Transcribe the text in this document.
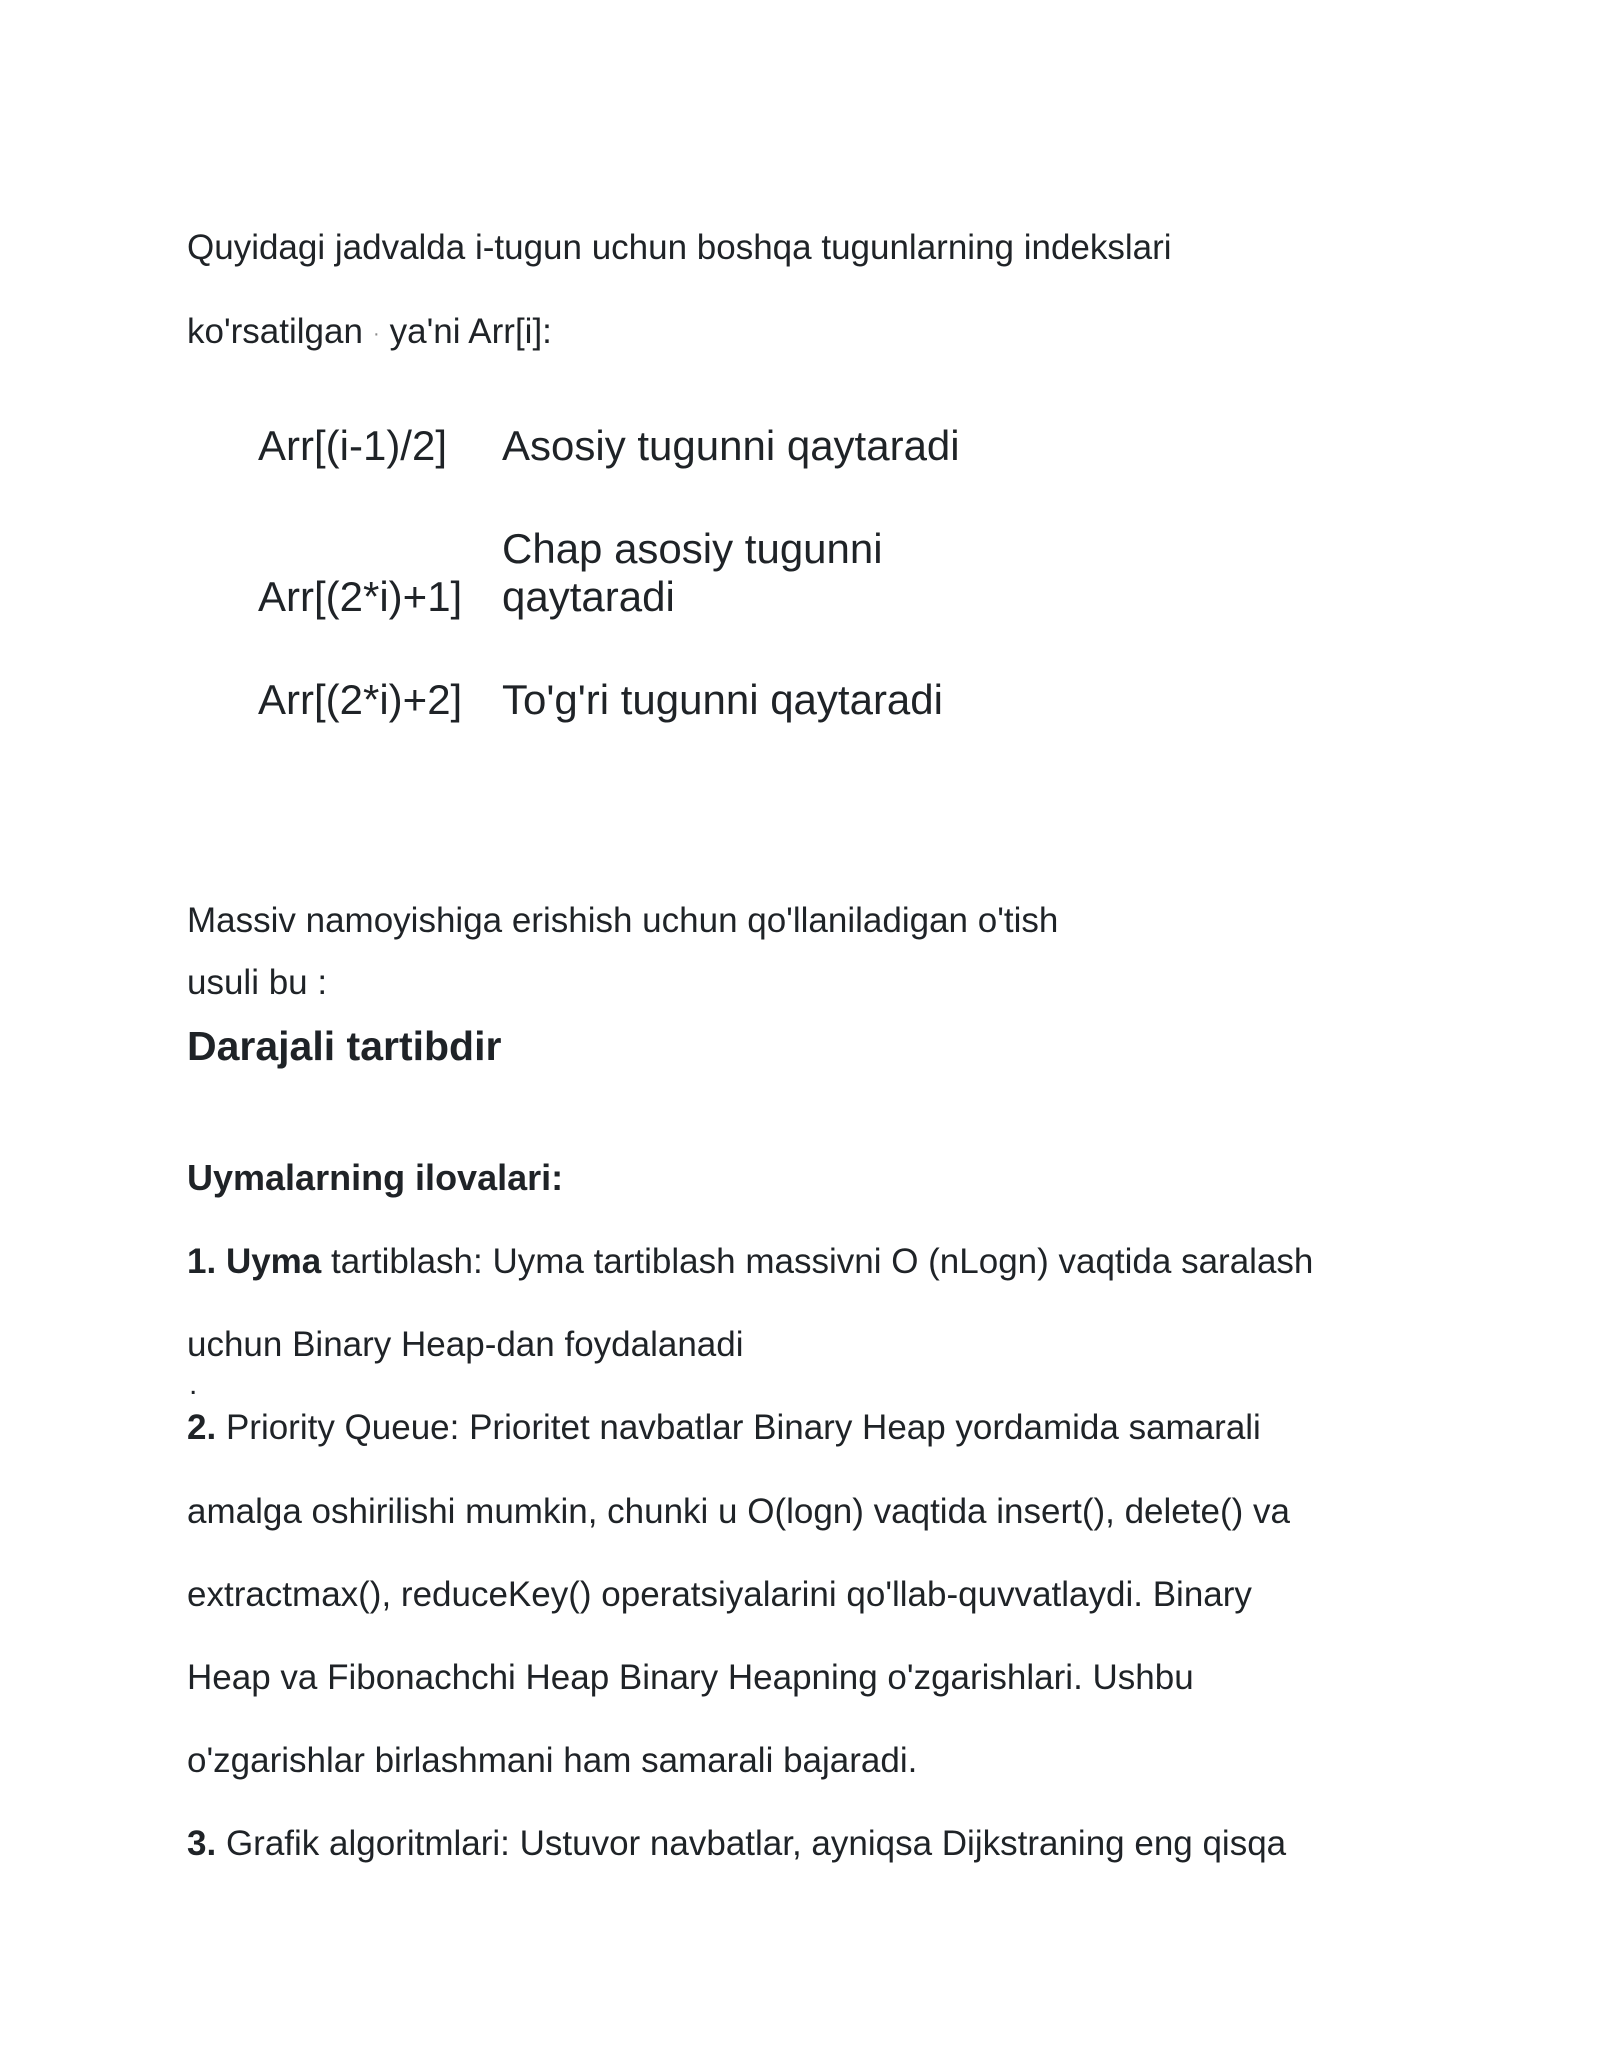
Quyidagi jadvalda i-tugun uchun boshqa tugunlarning indekslari
ko'rsatilgan · ya'ni Arr[i]:
Arr[(i-1)/2] Asosiy tugunni qaytaradi
Chap asosiy tugunni
Arr[(2*i)+1] qaytaradi
Arr[(2*i)+2] To'g'ri tugunni qaytaradi
Massiv namoyishiga erishish uchun qo'llaniladigan o'tish
usuli bu :
Darajali tartibdir
Uymalarning ilovalari:
1. Uyma tartiblash: Uyma tartiblash massivni O (nLogn) vaqtida saralash
uchun Binary Heap-dan foydalanadi
.
2. Priority Queue: Prioritet navbatlar Binary Heap yordamida samarali
amalga oshirilishi mumkin, chunki u O(logn) vaqtida insert(), delete() va
extractmax(), reduceKey() operatsiyalarini qo'llab-quvvatlaydi. Binary
Heap va Fibonachchi Heap Binary Heapning o'zgarishlari. Ushbu
o'zgarishlar birlashmani ham samarali bajaradi.
3. Grafik algoritmlari: Ustuvor navbatlar, ayniqsa Dijkstraning eng qisqa
